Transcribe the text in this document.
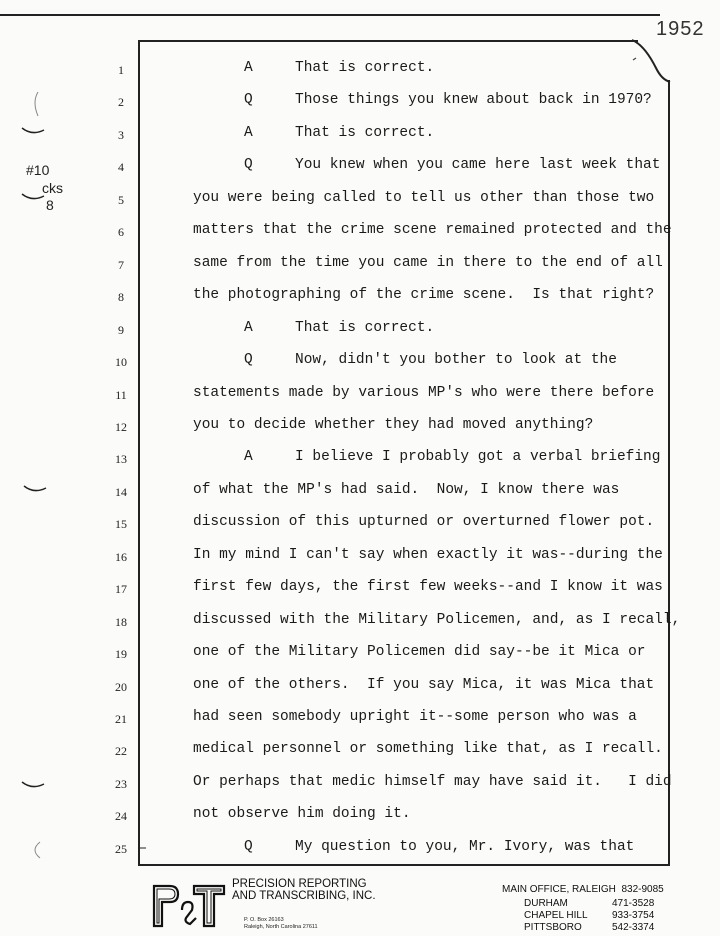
1952
#10
cks
8
1	A	That is correct.
2	Q	Those things you knew about back in 1970?
3	A	That is correct.
4	Q	You knew when you came here last week that
5	you were being called to tell us other than those two
6	matters that the crime scene remained protected and the
7	same from the time you came in there to the end of all
8	the photographing of the crime scene.  Is that right?
9	A	That is correct.
10	Q	Now, didn't you bother to look at the
11	statements made by various MP's who were there before
12	you to decide whether they had moved anything?
13	A	I believe I probably got a verbal briefing
14	of what the MP's had said.  Now, I know there was
15	discussion of this upturned or overturned flower pot.
16	In my mind I can't say when exactly it was--during the
17	first few days, the first few weeks--and I know it was
18	discussed with the Military Policemen, and, as I recall,
19	one of the Military Policemen did say--be it Mica or
20	one of the others.  If you say Mica, it was Mica that
21	had seen somebody upright it--some person who was a
22	medical personnel or something like that, as I recall.
23	Or perhaps that medic himself may have said it.   I did
24	not observe him doing it.
25	Q	My question to you, Mr. Ivory, was that
P&T	PRECISION REPORTING
AND TRANSCRIBING, INC.
P. O. Box 26163
Raleigh, North Carolina 27611
MAIN OFFICE, RALEIGH 832-9085
DURHAM	471-3528
CHAPEL HILL 933-3754
PITTSBORO	542-3374
